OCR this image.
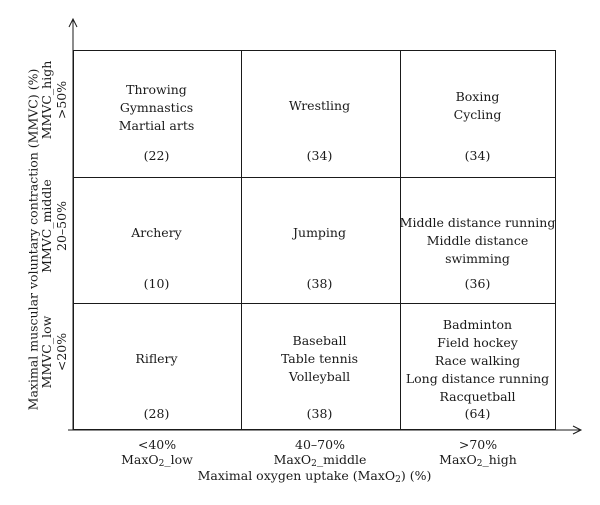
Maximal muscular voluntary contraction (MMVC) (%)
MMVC_high >50%
MMVC_middle 20–50%
MMVC_low <20%
Throwing
Gymnastics
Martial arts
(22)
Wrestling
(34)
Boxing
Cycling
(34)
Archery
(10)
Jumping
(38)
Middle distance running
Middle distance swimming
(36)
Riflery
(28)
Baseball
Table tennis
Volleyball
(38)
Badminton
Field hockey
Race walking
Long distance running
Racquetball
(64)
<40%
MaxO$_2$_low
40–70%
MaxO$_2$_middle
>70%
MaxO$_2$_high
Maximal oxygen uptake (MaxO$_2$) (%)
